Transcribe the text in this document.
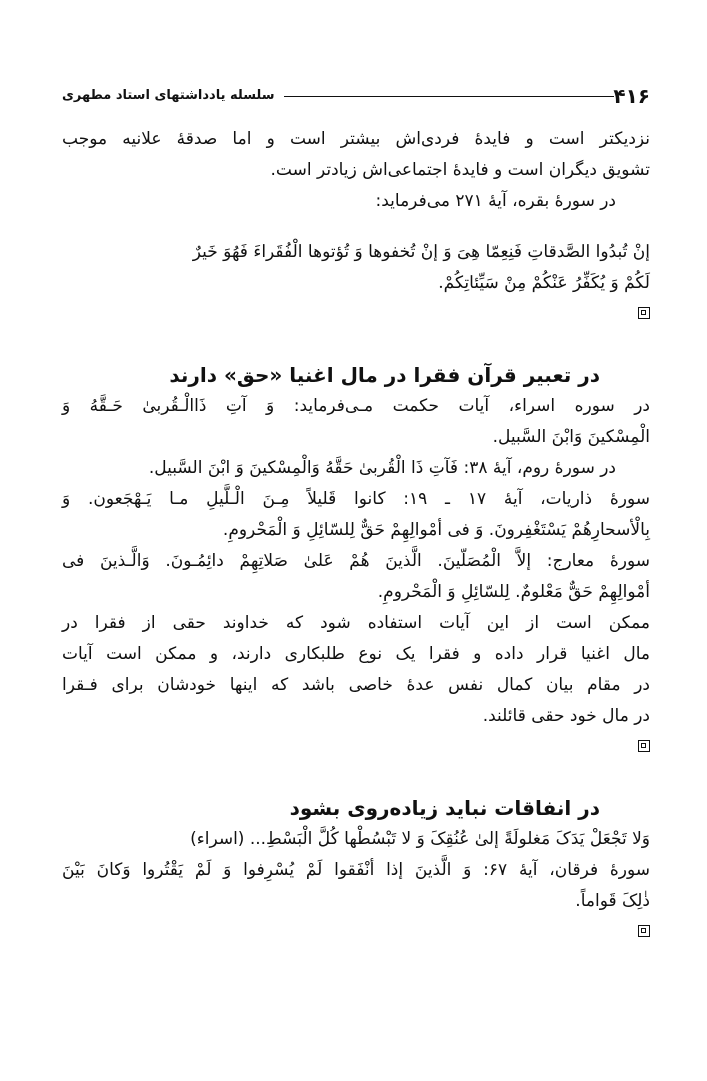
۴۱۶
سلسله یادداشتهای استاد مطهری
نزدیکتر است و فایدهٔ فردی‌اش بیشتر است و اما صدقهٔ علانیه موجب
تشویق دیگران است و فایدهٔ اجتماعی‌اش زیادتر است.
در سورهٔ بقره، آیهٔ ۲۷۱ می‌فرماید:
إنْ تُبدُوا الصَّدقاتِ فَنِعِمّا هِیَ وَ إنْ تُخفوها وَ تُؤتوها الْفُقَراءَ فَهُوَ خَیرٌ
لَکُمْ وَ یُکَفِّرُ عَنْکُمْ مِنْ سَیِّئاتِکُمْ.
در تعبیر قرآن فقرا در مال اغنیا «حق» دارند
در سوره اسراء، آیات حکمت مـی‌فرماید: وَ آتِ ذَاالْـقُربیٰ حَـقَّهُ وَ
الْمِسْکینَ وَابْنَ السَّبیل.
در سورهٔ روم، آیهٔ ۳۸: فَآتِ ذَا الْقُربیٰ حَقَّهُ وَالْمِسْکینَ وَ ابْنَ السَّبیل.
سورهٔ ذاریات، آیهٔ ۱۷ ـ ۱۹: کانوا قَلیلاً مِـنَ الْـلَّیلِ مـا یَـهْجَعون. وَ
بِالْأسحارِهُمْ یَسْتَغْفِرونَ. وَ فی أمْوالِهِمْ حَقٌّ لِلسّائِلِ وَ الْمَحْرومِ.
سورهٔ معارج: إلاَّ الْمُصَلّینَ. الَّذینَ هُمْ عَلیٰ صَلاتِهِمْ دائِمُـونَ. وَالَّـذینَ فی
أمْوالِهِمْ حَقٌّ مَعْلومٌ. لِلسّائِلِ وَ الْمَحْرومِ.
ممکن است از این آیات استفاده شود که خداوند حقی از فقرا در
مال اغنیا قرار داده و فقرا یک نوع طلبکاری دارند، و ممکن است آیات
در مقام بیان کمال نفس عدهٔ خاصی باشد که اینها خودشان برای فـقرا
در مال خود حقی قائلند.
در انفاقات نباید زیاده‌روی بشود
وَلا تَجْعَلْ یَدَکَ مَغلولَةً إلیٰ عُنُقِکَ وَ لا تَبْسُطْها کُلَّ الْبَسْطِ... (اسراء)
سورهٔ فرقان، آیهٔ ۶۷: وَ الَّذینَ إذا أنْفَقوا لَمْ یُسْرِفوا وَ لَمْ یَقْتُروا وَکانَ بَیْنَ
ذٰلِکَ قَواماً.
